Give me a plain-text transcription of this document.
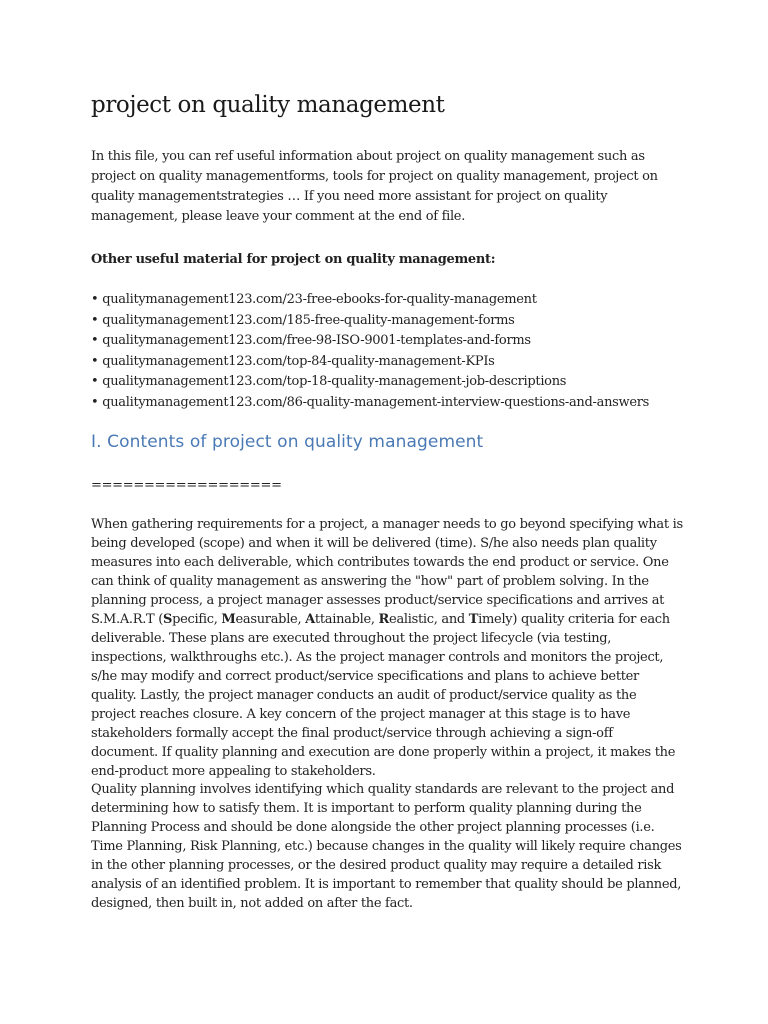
project on quality management

In this file, you can ref useful information about project on quality management such as project on quality managementforms, tools for project on quality management, project on quality managementstrategies … If you need more assistant for project on quality management, please leave your comment at the end of file.

Other useful material for project on quality management:

• qualitymanagement123.com/23-free-ebooks-for-quality-management
• qualitymanagement123.com/185-free-quality-management-forms
• qualitymanagement123.com/free-98-ISO-9001-templates-and-forms
• qualitymanagement123.com/top-84-quality-management-KPIs
• qualitymanagement123.com/top-18-quality-management-job-descriptions
• qualitymanagement123.com/86-quality-management-interview-questions-and-answers
I. Contents of project on quality management

==================

When gathering requirements for a project, a manager needs to go beyond specifying what is being developed (scope) and when it will be delivered (time). S/he also needs plan quality measures into each deliverable, which contributes towards the end product or service. One can think of quality management as answering the "how" part of problem solving. In the planning process, a project manager assesses product/service specifications and arrives at S.M.A.R.T (Specific, Measurable, Attainable, Realistic, and Timely) quality criteria for each deliverable. These plans are executed throughout the project lifecycle (via testing, inspections, walkthroughs etc.). As the project manager controls and monitors the project, s/he may modify and correct product/service specifications and plans to achieve better quality. Lastly, the project manager conducts an audit of product/service quality as the project reaches closure. A key concern of the project manager at this stage is to have stakeholders formally accept the final product/service through achieving a sign-off document. If quality planning and execution are done properly within a project, it makes the end-product more appealing to stakeholders.

Quality planning involves identifying which quality standards are relevant to the project and determining how to satisfy them. It is important to perform quality planning during the Planning Process and should be done alongside the other project planning processes (i.e. Time Planning, Risk Planning, etc.) because changes in the quality will likely require changes in the other planning processes, or the desired product quality may require a detailed risk analysis of an identified problem. It is important to remember that quality should be planned, designed, then built in, not added on after the fact.
